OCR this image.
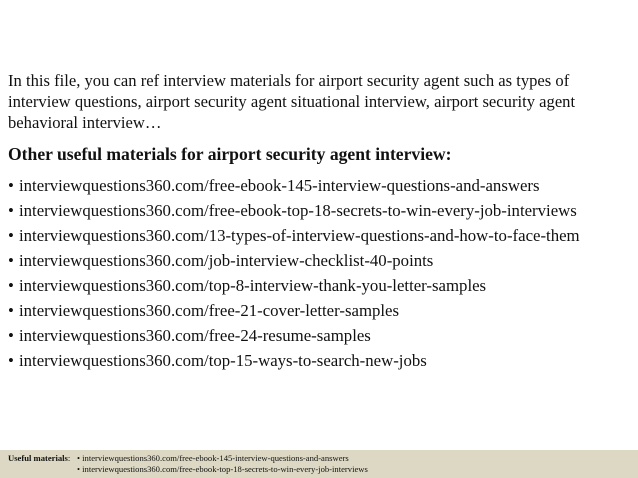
In this file, you can ref interview materials for airport security agent such as types of interview questions, airport security agent situational interview, airport security agent behavioral interview…

Other useful materials for airport security agent interview:
• interviewquestions360.com/free-ebook-145-interview-questions-and-answers
• interviewquestions360.com/free-ebook-top-18-secrets-to-win-every-job-interviews
• interviewquestions360.com/13-types-of-interview-questions-and-how-to-face-them
• interviewquestions360.com/job-interview-checklist-40-points
• interviewquestions360.com/top-8-interview-thank-you-letter-samples
• interviewquestions360.com/free-21-cover-letter-samples
• interviewquestions360.com/free-24-resume-samples
• interviewquestions360.com/top-15-ways-to-search-new-jobs
Useful materials: • interviewquestions360.com/free-ebook-145-interview-questions-and-answers
• interviewquestions360.com/free-ebook-top-18-secrets-to-win-every-job-interviews
